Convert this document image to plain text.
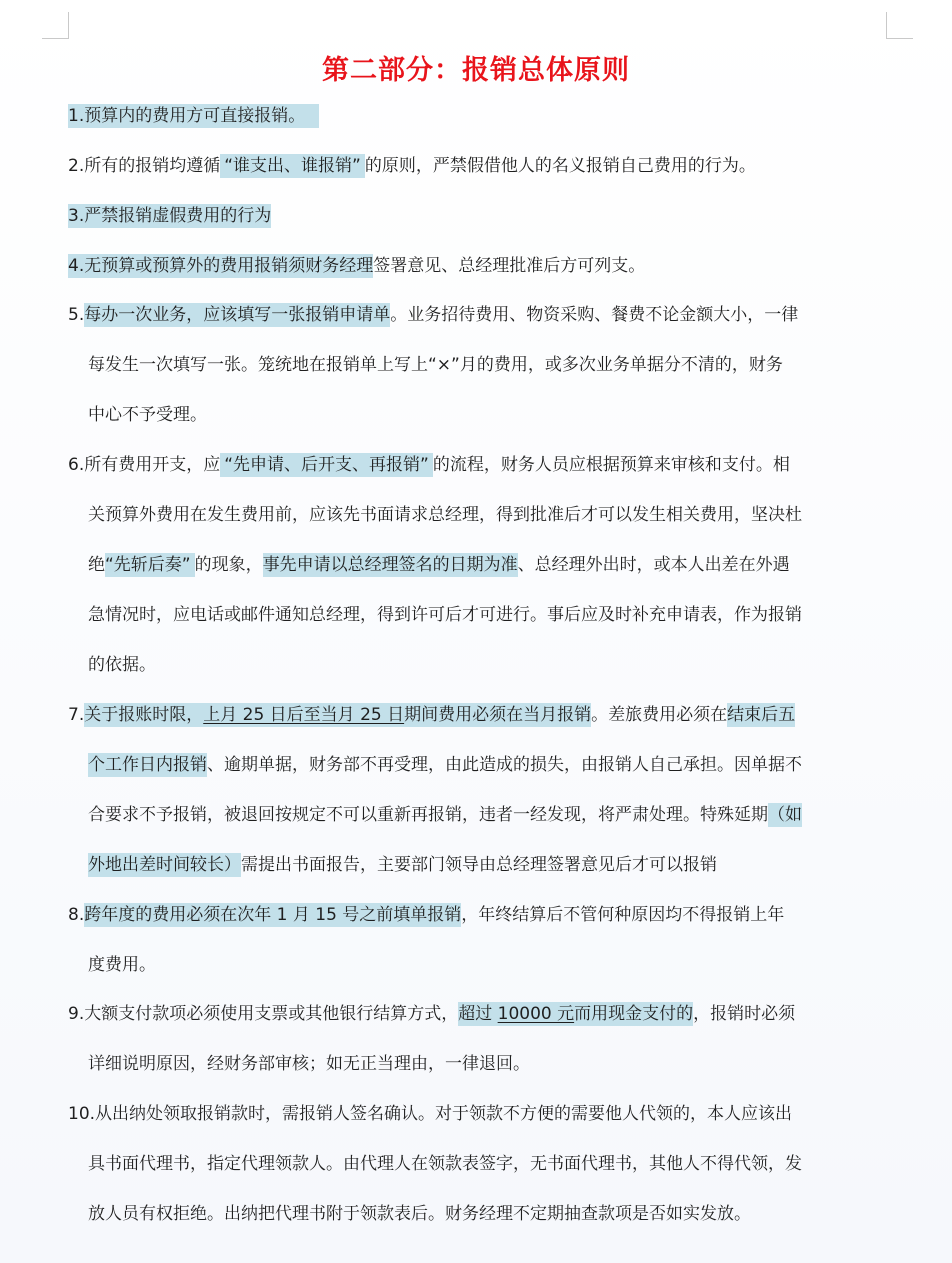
第二部分：报销总体原则
1.预算内的费用方可直接报销。
2.所有的报销均遵循 “谁支出、谁报销” 的原则，严禁假借他人的名义报销自己费用的行为。
3.严禁报销虚假费用的行为
4.无预算或预算外的费用报销须财务经理签署意见、总经理批准后方可列支。
5.每办一次业务，应该填写一张报销申请单。业务招待费用、物资采购、餐费不论金额大小，一律
每发生一次填写一张。笼统地在报销单上写上“×”月的费用，或多次业务单据分不清的，财务
中心不予受理。
6.所有费用开支，应 “先申请、后开支、再报销” 的流程，财务人员应根据预算来审核和支付。相
关预算外费用在发生费用前，应该先书面请求总经理，得到批准后才可以发生相关费用，坚决杜
绝“先斩后奏” 的现象，事先申请以总经理签名的日期为准、总经理外出时，或本人出差在外遇
急情况时，应电话或邮件通知总经理，得到许可后才可进行。事后应及时补充申请表，作为报销
的依据。
7.关于报账时限，上月 25 日后至当月 25 日期间费用必须在当月报销。差旅费用必须在结束后五
个工作日内报销、逾期单据，财务部不再受理，由此造成的损失，由报销人自己承担。因单据不
合要求不予报销，被退回按规定不可以重新再报销，违者一经发现，将严肃处理。特殊延期（如
外地出差时间较长）需提出书面报告，主要部门领导由总经理签署意见后才可以报销
8.跨年度的费用必须在次年 1 月 15 号之前填单报销，年终结算后不管何种原因均不得报销上年
度费用。
9.大额支付款项必须使用支票或其他银行结算方式，超过 10000 元而用现金支付的，报销时必须
详细说明原因，经财务部审核；如无正当理由，一律退回。
10.从出纳处领取报销款时，需报销人签名确认。对于领款不方便的需要他人代领的，本人应该出
具书面代理书，指定代理领款人。由代理人在领款表签字，无书面代理书，其他人不得代领，发
放人员有权拒绝。出纳把代理书附于领款表后。财务经理不定期抽查款项是否如实发放。
